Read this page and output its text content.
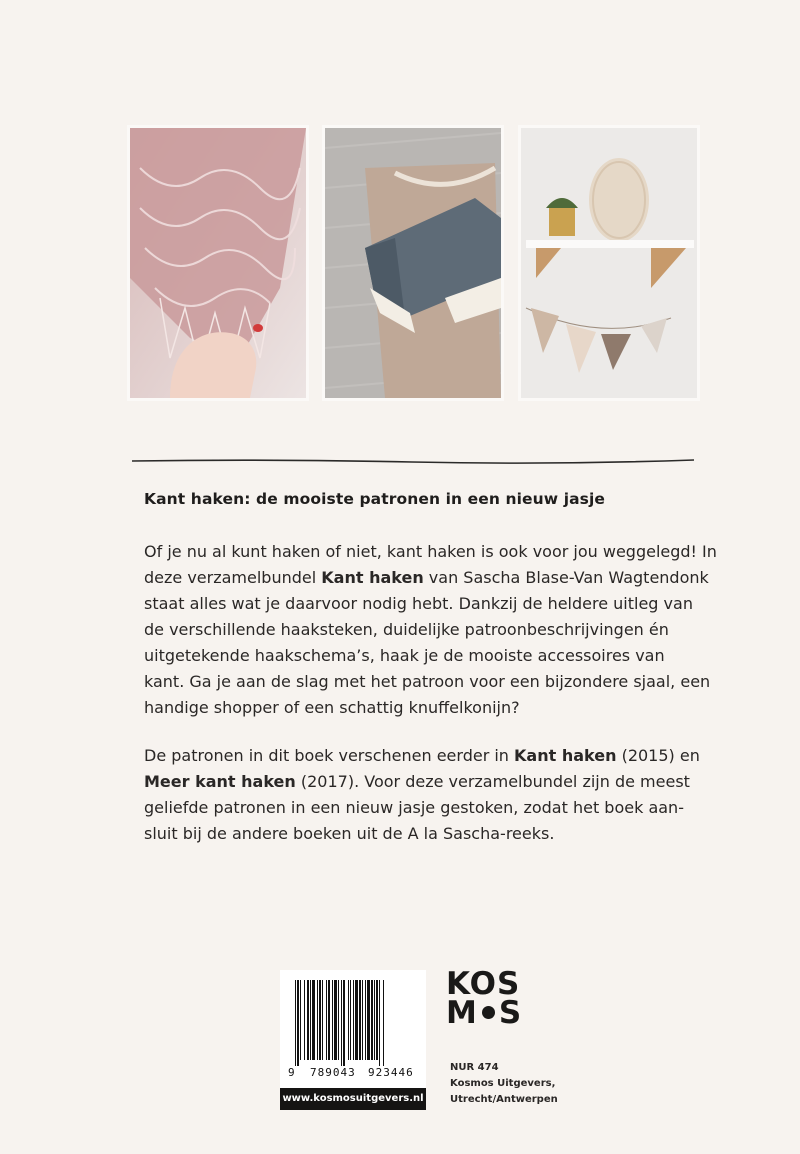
Kant haken: de mooiste patronen in een nieuw jasje

Of je nu al kunt haken of niet, kant haken is ook voor jou weggelegd! In
deze verzamelbundel Kant haken van Sascha Blase-Van Wagtendonk
staat alles wat je daarvoor nodig hebt. Dankzij de heldere uitleg van
de verschillende haaksteken, duidelijke patroonbeschrijvingen én
uitgetekende haakschema’s, haak je de mooiste accessoires van
kant. Ga je aan de slag met het patroon voor een bijzondere sjaal, een
handige shopper of een schattig knuffelkonijn?

De patronen in dit boek verschenen eerder in Kant haken (2015) en
Meer kant haken (2017). Voor deze verzamelbundel zijn de meest
geliefde patronen in een nieuw jasje gestoken, zodat het boek aan-
sluit bij de andere boeken uit de A la Sascha-reeks.

9 789043 923446
www.kosmosuitgevers.nl
KOS
M S
NUR 474
Kosmos Uitgevers,
Utrecht/Antwerpen
